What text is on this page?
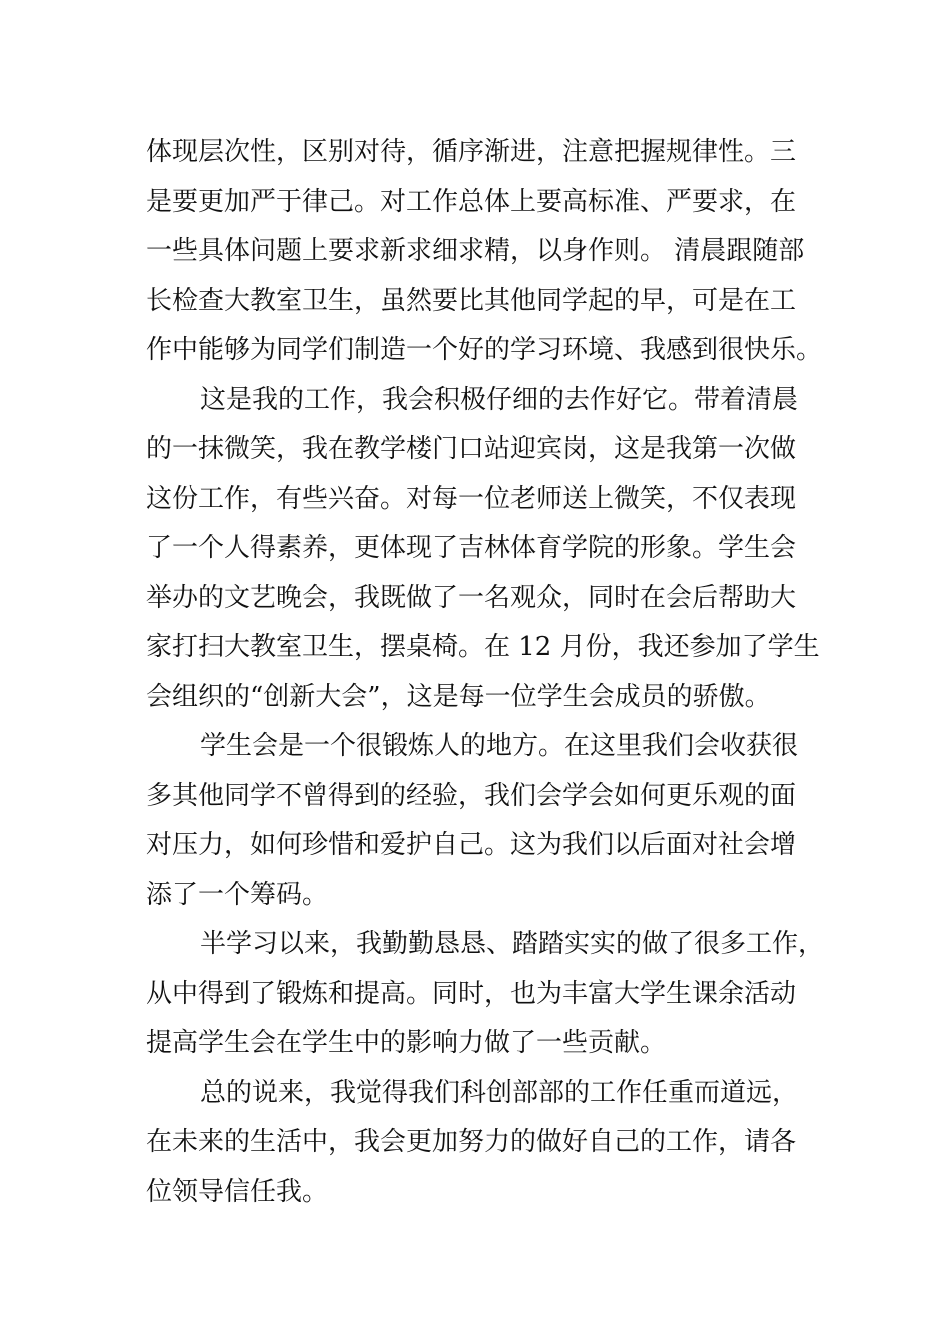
体现层次性，区别对待，循序渐进，注意把握规律性。三
是要更加严于律己。对工作总体上要高标准、严要求，在
一些具体问题上要求新求细求精，以身作则。 清晨跟随部
长检查大教室卫生，虽然要比其他同学起的早，可是在工
作中能够为同学们制造一个好的学习环境、我感到很快乐。
这是我的工作，我会积极仔细的去作好它。带着清晨
的一抹微笑，我在教学楼门口站迎宾岗，这是我第一次做
这份工作，有些兴奋。对每一位老师送上微笑，不仅表现
了一个人得素养，更体现了吉林体育学院的形象。学生会
举办的文艺晚会，我既做了一名观众，同时在会后帮助大
家打扫大教室卫生，摆桌椅。在 12 月份，我还参加了学生
会组织的“创新大会”，这是每一位学生会成员的骄傲。
学生会是一个很锻炼人的地方。在这里我们会收获很
多其他同学不曾得到的经验，我们会学会如何更乐观的面
对压力，如何珍惜和爱护自己。这为我们以后面对社会增
添了一个筹码。
半学习以来，我勤勤恳恳、踏踏实实的做了很多工作，
从中得到了锻炼和提高。同时，也为丰富大学生课余活动
提高学生会在学生中的影响力做了一些贡献。
总的说来，我觉得我们科创部部的工作任重而道远，
在未来的生活中，我会更加努力的做好自己的工作，请各
位领导信任我。
